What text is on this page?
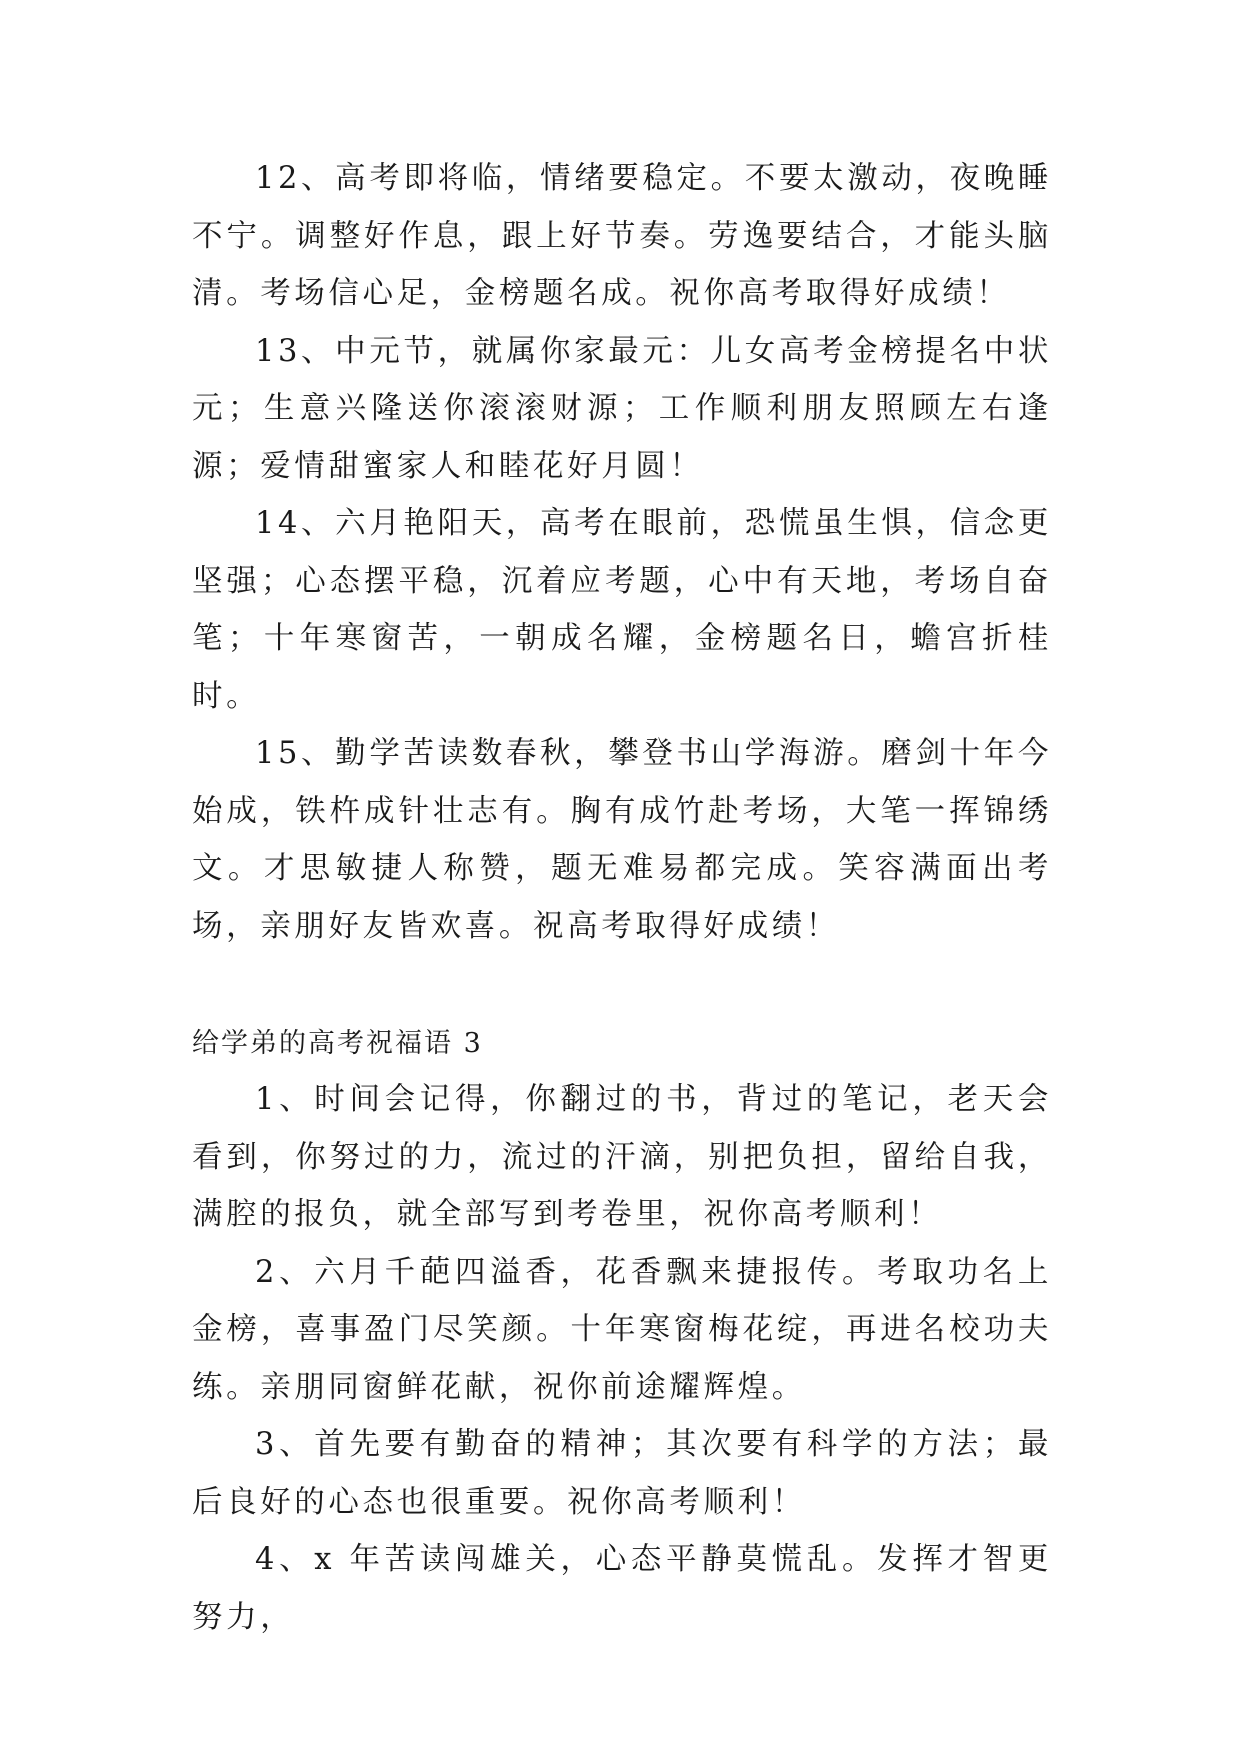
12、高考即将临，情绪要稳定。不要太激动，夜晚睡不宁。调整好作息，跟上好节奏。劳逸要结合，才能头脑清。考场信心足，金榜题名成。祝你高考取得好成绩！

13、中元节，就属你家最元：儿女高考金榜提名中状元；生意兴隆送你滚滚财源；工作顺利朋友照顾左右逢源；爱情甜蜜家人和睦花好月圆！

14、六月艳阳天，高考在眼前，恐慌虽生惧，信念更坚强；心态摆平稳，沉着应考题，心中有天地，考场自奋笔；十年寒窗苦，一朝成名耀，金榜题名日，蟾宫折桂时。

15、勤学苦读数春秋，攀登书山学海游。磨剑十年今始成，铁杵成针壮志有。胸有成竹赴考场，大笔一挥锦绣文。才思敏捷人称赞，题无难易都完成。笑容满面出考场，亲朋好友皆欢喜。祝高考取得好成绩！

给学弟的高考祝福语 3

1、时间会记得，你翻过的书，背过的笔记，老天会看到，你努过的力，流过的汗滴，别把负担，留给自我，满腔的报负，就全部写到考卷里，祝你高考顺利！

2、六月千葩四溢香，花香飘来捷报传。考取功名上金榜，喜事盈门尽笑颜。十年寒窗梅花绽，再进名校功夫练。亲朋同窗鲜花献，祝你前途耀辉煌。

3、首先要有勤奋的精神；其次要有科学的方法；最后良好的心态也很重要。祝你高考顺利！

4、x 年苦读闯雄关，心态平静莫慌乱。发挥才智更努力，
